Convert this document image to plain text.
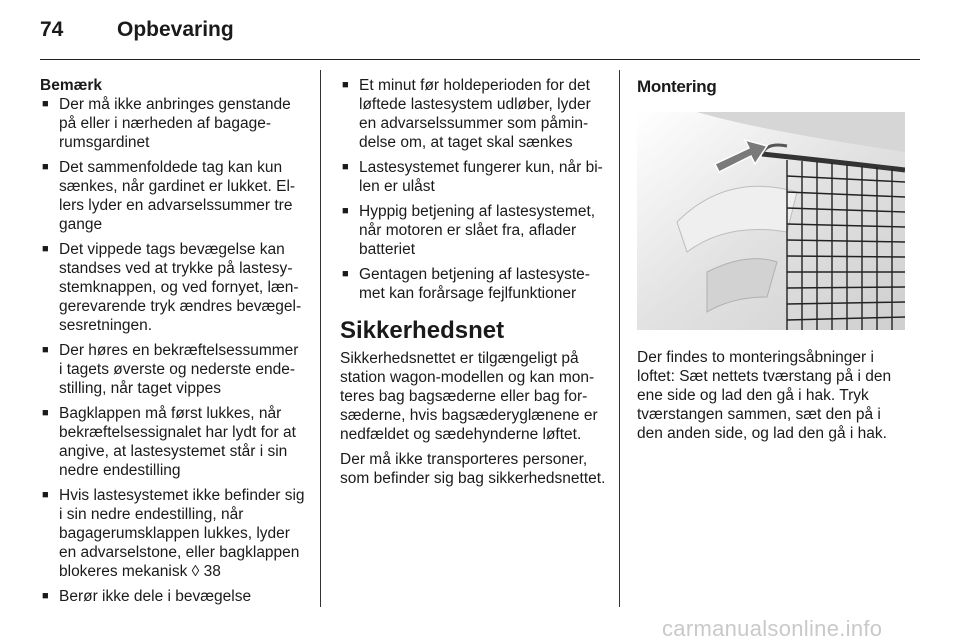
74	Opbevaring
Bemærk
■ Der må ikke anbringes genstande på eller i nærheden af bagagerumsgardinet
■ Det sammenfoldede tag kan kun sænkes, når gardinet er lukket. Ellers lyder en advarselssummer tre gange
■ Det vippede tags bevægelse kan standses ved at trykke på lastesystemknappen, og ved fornyet, længerevarende tryk ændres bevægelsesretningen.
■ Der høres en bekræftelsessummer i tagets øverste og nederste endestilling, når taget vippes
■ Bagklappen må først lukkes, når bekræftelsessignalet har lydt for at angive, at lastesystemet står i sin nedre endestilling
■ Hvis lastesystemet ikke befinder sig i sin nedre endestilling, når bagagerumsklappen lukkes, lyder en advarselstone, eller bagklappen blokeres mekanisk ◊ 38
■ Berør ikke dele i bevægelse
■ Et minut før holdeperioden for det løftede lastesystem udløber, lyder en advarselssummer som påmindelse om, at taget skal sænkes
■ Lastesystemet fungerer kun, når bilen er ulåst
■ Hyppig betjening af lastesystemet, når motoren er slået fra, aflader batteriet
■ Gentagen betjening af lastesystemet kan forårsage fejlfunktioner
Sikkerhedsnet

Sikkerhedsnettet er tilgængeligt på station wagon-modellen og kan monteres bag bagsæderne eller bag forsæderne, hvis bagsæderyglænene er nedfældet og sædehynderne løftet.

Der må ikke transporteres personer, som befinder sig bag sikkerhedsnettet.

Montering

Der findes to monteringsåbninger i loftet: Sæt nettets tværstang på i den ene side og lad den gå i hak. Tryk tværstangen sammen, sæt den på i den anden side, og lad den gå i hak.

carmanualsonline.info
